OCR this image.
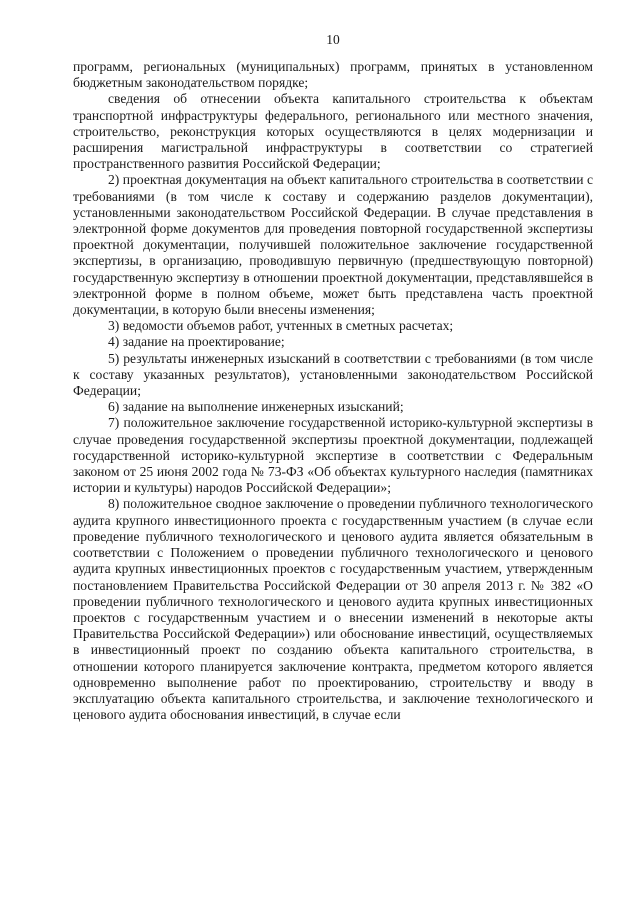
10

программ, региональных (муниципальных) программ, принятых в установленном бюджетным законодательством порядке;

сведения об отнесении объекта капитального строительства к объектам транспортной инфраструктуры федерального, регионального или местного значения, строительство, реконструкция которых осуществляются в целях модернизации и расширения магистральной инфраструктуры в соответствии со стратегией пространственного развития Российской Федерации;

2) проектная документация на объект капитального строительства в соответствии с требованиями (в том числе к составу и содержанию разделов документации), установленными законодательством Российской Федерации. В случае представления в электронной форме документов для проведения повторной государственной экспертизы проектной документации, получившей положительное заключение государственной экспертизы, в организацию, проводившую первичную (предшествующую повторной) государственную экспертизу в отношении проектной документации, представлявшейся в электронной форме в полном объеме, может быть представлена часть проектной документации, в которую были внесены изменения;

3) ведомости объемов работ, учтенных в сметных расчетах;

4) задание на проектирование;

5) результаты инженерных изысканий в соответствии с требованиями (в том числе к составу указанных результатов), установленными законодательством Российской Федерации;

6) задание на выполнение инженерных изысканий;

7) положительное заключение государственной историко-культурной экспертизы в случае проведения государственной экспертизы проектной документации, подлежащей государственной историко-культурной экспертизе в соответствии с Федеральным законом от 25 июня 2002 года № 73-ФЗ «Об объектах культурного наследия (памятниках истории и культуры) народов Российской Федерации»;

8) положительное сводное заключение о проведении публичного технологического аудита крупного инвестиционного проекта с государственным участием (в случае если проведение публичного технологического и ценового аудита является обязательным в соответствии с Положением о проведении публичного технологического и ценового аудита крупных инвестиционных проектов с государственным участием, утвержденным постановлением Правительства Российской Федерации от 30 апреля 2013 г. № 382 «О проведении публичного технологического и ценового аудита крупных инвестиционных проектов с государственным участием и о внесении изменений в некоторые акты Правительства Российской Федерации») или обоснование инвестиций, осуществляемых в инвестиционный проект по созданию объекта капитального строительства, в отношении которого планируется заключение контракта, предметом которого является одновременно выполнение работ по проектированию, строительству и вводу в эксплуатацию объекта капитального строительства, и заключение технологического и ценового аудита обоснования инвестиций, в случае если
